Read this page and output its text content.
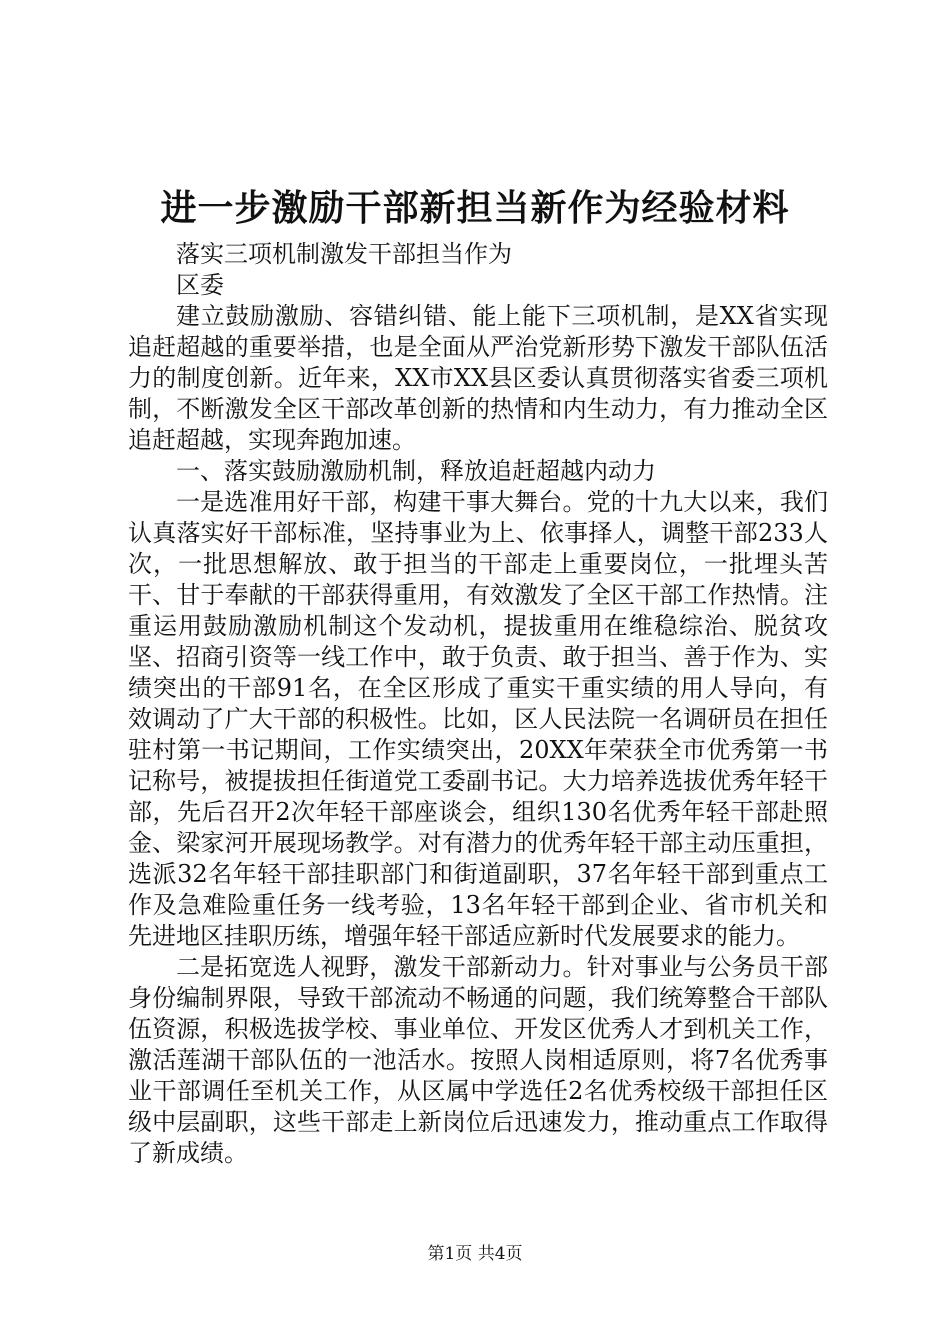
进一步激励干部新担当新作为经验材料

落实三项机制激发干部担当作为

区委

建立鼓励激励、容错纠错、能上能下三项机制，是XX省实现追赶超越的重要举措，也是全面从严治党新形势下激发干部队伍活力的制度创新。近年来，XX市XX县区委认真贯彻落实省委三项机制，不断激发全区干部改革创新的热情和内生动力，有力推动全区追赶超越，实现奔跑加速。

一、落实鼓励激励机制，释放追赶超越内动力

一是选准用好干部，构建干事大舞台。党的十九大以来，我们认真落实好干部标准，坚持事业为上、依事择人，调整干部233人次，一批思想解放、敢于担当的干部走上重要岗位，一批埋头苦干、甘于奉献的干部获得重用，有效激发了全区干部工作热情。注重运用鼓励激励机制这个发动机，提拔重用在维稳综治、脱贫攻坚、招商引资等一线工作中，敢于负责、敢于担当、善于作为、实绩突出的干部91名，在全区形成了重实干重实绩的用人导向，有效调动了广大干部的积极性。比如，区人民法院一名调研员在担任驻村第一书记期间，工作实绩突出，20XX年荣获全市优秀第一书记称号，被提拔担任街道党工委副书记。大力培养选拔优秀年轻干部，先后召开2次年轻干部座谈会，组织130名优秀年轻干部赴照金、梁家河开展现场教学。对有潜力的优秀年轻干部主动压重担，选派32名年轻干部挂职部门和街道副职，37名年轻干部到重点工作及急难险重任务一线考验，13名年轻干部到企业、省市机关和先进地区挂职历练，增强年轻干部适应新时代发展要求的能力。

二是拓宽选人视野，激发干部新动力。针对事业与公务员干部身份编制界限，导致干部流动不畅通的问题，我们统筹整合干部队伍资源，积极选拔学校、事业单位、开发区优秀人才到机关工作，激活莲湖干部队伍的一池活水。按照人岗相适原则，将7名优秀事业干部调任至机关工作，从区属中学选任2名优秀校级干部担任区级中层副职，这些干部走上新岗位后迅速发力，推动重点工作取得了新成绩。

第1页 共4页
